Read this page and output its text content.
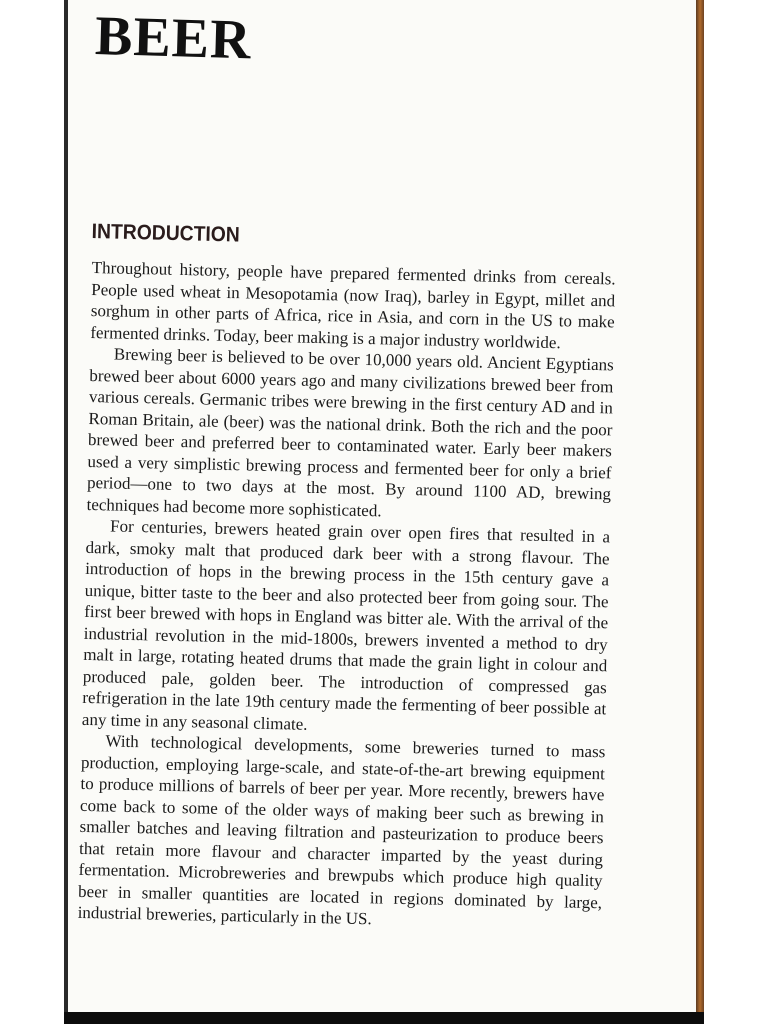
BEER
INTRODUCTION

Throughout history, people have prepared fermented drinks from cereals. People used wheat in Mesopotamia (now Iraq), barley in Egypt, millet and sorghum in other parts of Africa, rice in Asia, and corn in the US to make fermented drinks. Today, beer making is a major industry worldwide.

Brewing beer is believed to be over 10,000 years old. Ancient Egyptians brewed beer about 6000 years ago and many civilizations brewed beer from various cereals. Germanic tribes were brewing in the first century AD and in Roman Britain, ale (beer) was the national drink. Both the rich and the poor brewed beer and preferred beer to contaminated water. Early beer makers used a very simplistic brewing process and fermented beer for only a brief period—one to two days at the most. By around 1100 AD, brewing techniques had become more sophisticated.

For centuries, brewers heated grain over open fires that resulted in a dark, smoky malt that produced dark beer with a strong flavour. The introduction of hops in the brewing process in the 15th century gave a unique, bitter taste to the beer and also protected beer from going sour. The first beer brewed with hops in England was bitter ale. With the arrival of the industrial revolution in the mid-1800s, brewers invented a method to dry malt in large, rotating heated drums that made the grain light in colour and produced pale, golden beer. The introduction of compressed gas refrigeration in the late 19th century made the fermenting of beer possible at any time in any seasonal climate.

With technological developments, some breweries turned to mass production, employing large-scale, and state-of-the-art brewing equipment to produce millions of barrels of beer per year. More recently, brewers have come back to some of the older ways of making beer such as brewing in smaller batches and leaving filtration and pasteurization to produce beers that retain more flavour and character imparted by the yeast during fermentation. Microbreweries and brewpubs which produce high quality beer in smaller quantities are located in regions dominated by large, industrial breweries, particularly in the US.
